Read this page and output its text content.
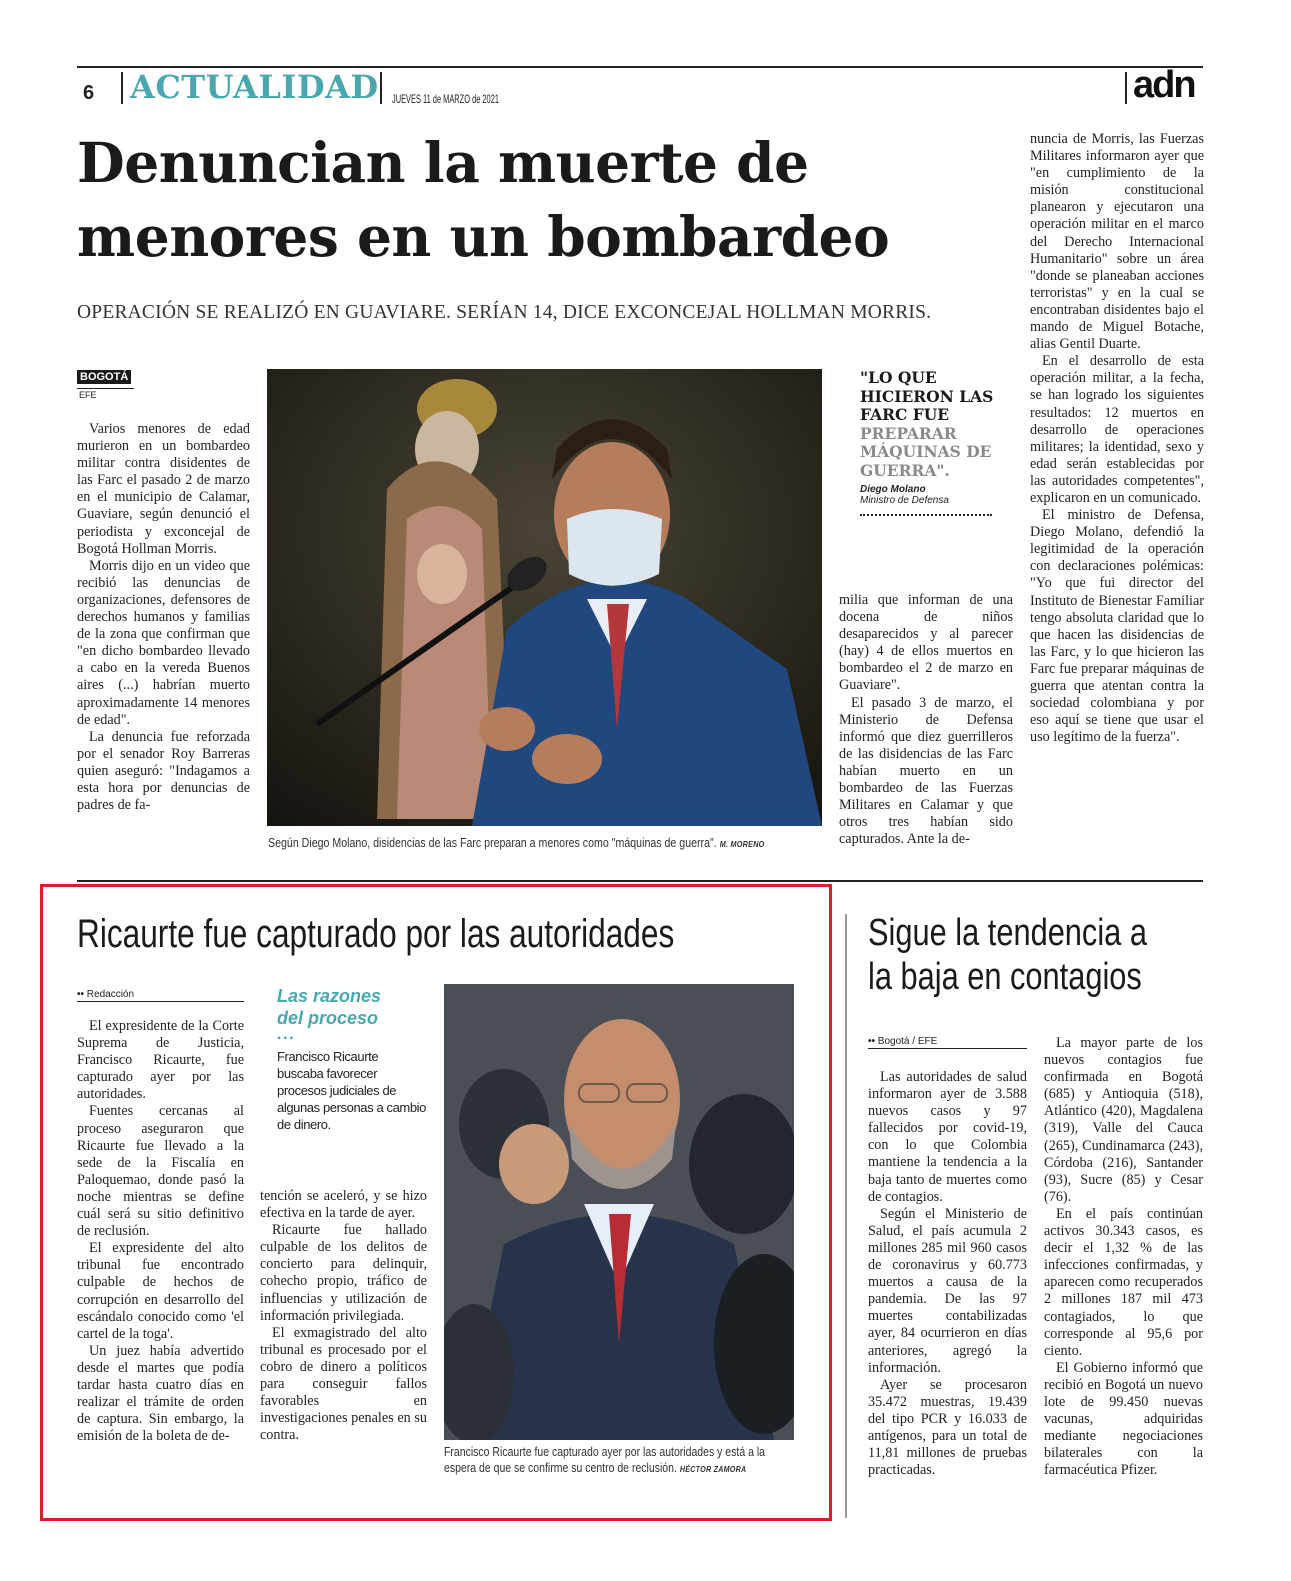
6 ACTUALIDAD JUEVES 11 de MARZO de 2021	adn
Denuncian la muerte de
menores en un bombardeo
OPERACIÓN SE REALIZÓ EN GUAVIARE. SERÍAN 14, DICE EXCONCEJAL HOLLMAN MORRIS.
BOGOTÁ
EFE

Varios menores de edad murieron en un bombardeo militar contra disidentes de las Farc el pasado 2 de marzo en el municipio de Calamar, Guaviare, según denunció el periodista y exconcejal de Bogotá Hollman Morris.

Morris dijo en un video que recibió las denuncias de organizaciones, defensores de derechos humanos y familias de la zona que confirman que "en dicho bombardeo llevado a cabo en la vereda Buenos aires (...) habrían muerto aproximadamente 14 menores de edad".

La denuncia fue reforzada por el senador Roy Barreras quien aseguró: "Indagamos a esta hora por denuncias de padres de fa-

Según Diego Molano, disidencias de las Farc preparan a menores como "máquinas de guerra". M. MORENO
"LO QUE HICIERON LAS FARC FUE
PREPARAR MÁQUINAS DE GUERRA".
Diego Molano
Ministro de Defensa

milia que informan de una docena de niños desaparecidos y al parecer (hay) 4 de ellos muertos en bombardeo el 2 de marzo en Guaviare".

El pasado 3 de marzo, el Ministerio de Defensa informó que diez guerrilleros de las disidencias de las Farc habían muerto en un bombardeo de las Fuerzas Militares en Calamar y que otros tres habían sido capturados. Ante la de-

nuncia de Morris, las Fuerzas Militares informaron ayer que "en cumplimiento de la misión constitucional planearon y ejecutaron una operación militar en el marco del Derecho Internacional Humanitario" sobre un área "donde se planeaban acciones terroristas" y en la cual se encontraban disidentes bajo el mando de Miguel Botache, alias Gentil Duarte.

En el desarrollo de esta operación militar, a la fecha, se han logrado los siguientes resultados: 12 muertos en desarrollo de operaciones militares; la identidad, sexo y edad serán establecidas por las autoridades competentes", explicaron en un comunicado.

El ministro de Defensa, Diego Molano, defendió la legitimidad de la operación con declaraciones polémicas: "Yo que fui director del Instituto de Bienestar Familiar tengo absoluta claridad que lo que hacen las disidencias de las Farc, y lo que hicieron las Farc fue preparar máquinas de guerra que atentan contra la sociedad colombiana y por eso aquí se tiene que usar el uso legítimo de la fuerza".

Ricaurte fue capturado por las autoridades
•• Redacción

El expresidente de la Corte Suprema de Justicia, Francisco Ricaurte, fue capturado ayer por las autoridades.

Fuentes cercanas al proceso aseguraron que Ricaurte fue llevado a la sede de la Fiscalía en Paloquemao, donde pasó la noche mientras se define cuál será su sitio definitivo de reclusión.

El expresidente del alto tribunal fue encontrado culpable de hechos de corrupción en desarrollo del escándalo conocido como 'el cartel de la toga'.

Un juez había advertido desde el martes que podía tardar hasta cuatro días en realizar el trámite de orden de captura. Sin embargo, la emisión de la boleta de de-

Las razones
del proceso
•••
Francisco Ricaurte buscaba favorecer procesos judiciales de algunas personas a cambio de dinero.

tención se aceleró, y se hizo efectiva en la tarde de ayer.

Ricaurte fue hallado culpable de los delitos de concierto para delinquir, cohecho propio, tráfico de influencias y utilización de información privilegiada.

El exmagistrado del alto tribunal es procesado por el cobro de dinero a políticos para conseguir fallos favorables en investigaciones penales en su contra.

Francisco Ricaurte fue capturado ayer por las autoridades y está a la espera de que se confirme su centro de reclusión. HÉCTOR ZAMORA
Sigue la tendencia a
la baja en contagios
•• Bogotá / EFE

Las autoridades de salud informaron ayer de 3.588 nuevos casos y 97 fallecidos por covid-19, con lo que Colombia mantiene la tendencia a la baja tanto de muertes como de contagios.

Según el Ministerio de Salud, el país acumula 2 millones 285 mil 960 casos de coronavirus y 60.773 muertos a causa de la pandemia. De las 97 muertes contabilizadas ayer, 84 ocurrieron en días anteriores, agregó la información.

Ayer se procesaron 35.472 muestras, 19.439 del tipo PCR y 16.033 de antígenos, para un total de 11,81 millones de pruebas practicadas.

La mayor parte de los nuevos contagios fue confirmada en Bogotá (685) y Antioquia (518), Atlántico (420), Magdalena (319), Valle del Cauca (265), Cundinamarca (243), Córdoba (216), Santander (93), Sucre (85) y Cesar (76).

En el país continúan activos 30.343 casos, es decir el 1,32 % de las infecciones confirmadas, y aparecen como recuperados 2 millones 187 mil 473 contagiados, lo que corresponde al 95,6 por ciento.

El Gobierno informó que recibió en Bogotá un nuevo lote de 99.450 nuevas vacunas, adquiridas mediante negociaciones bilaterales con la farmacéutica Pfizer.
